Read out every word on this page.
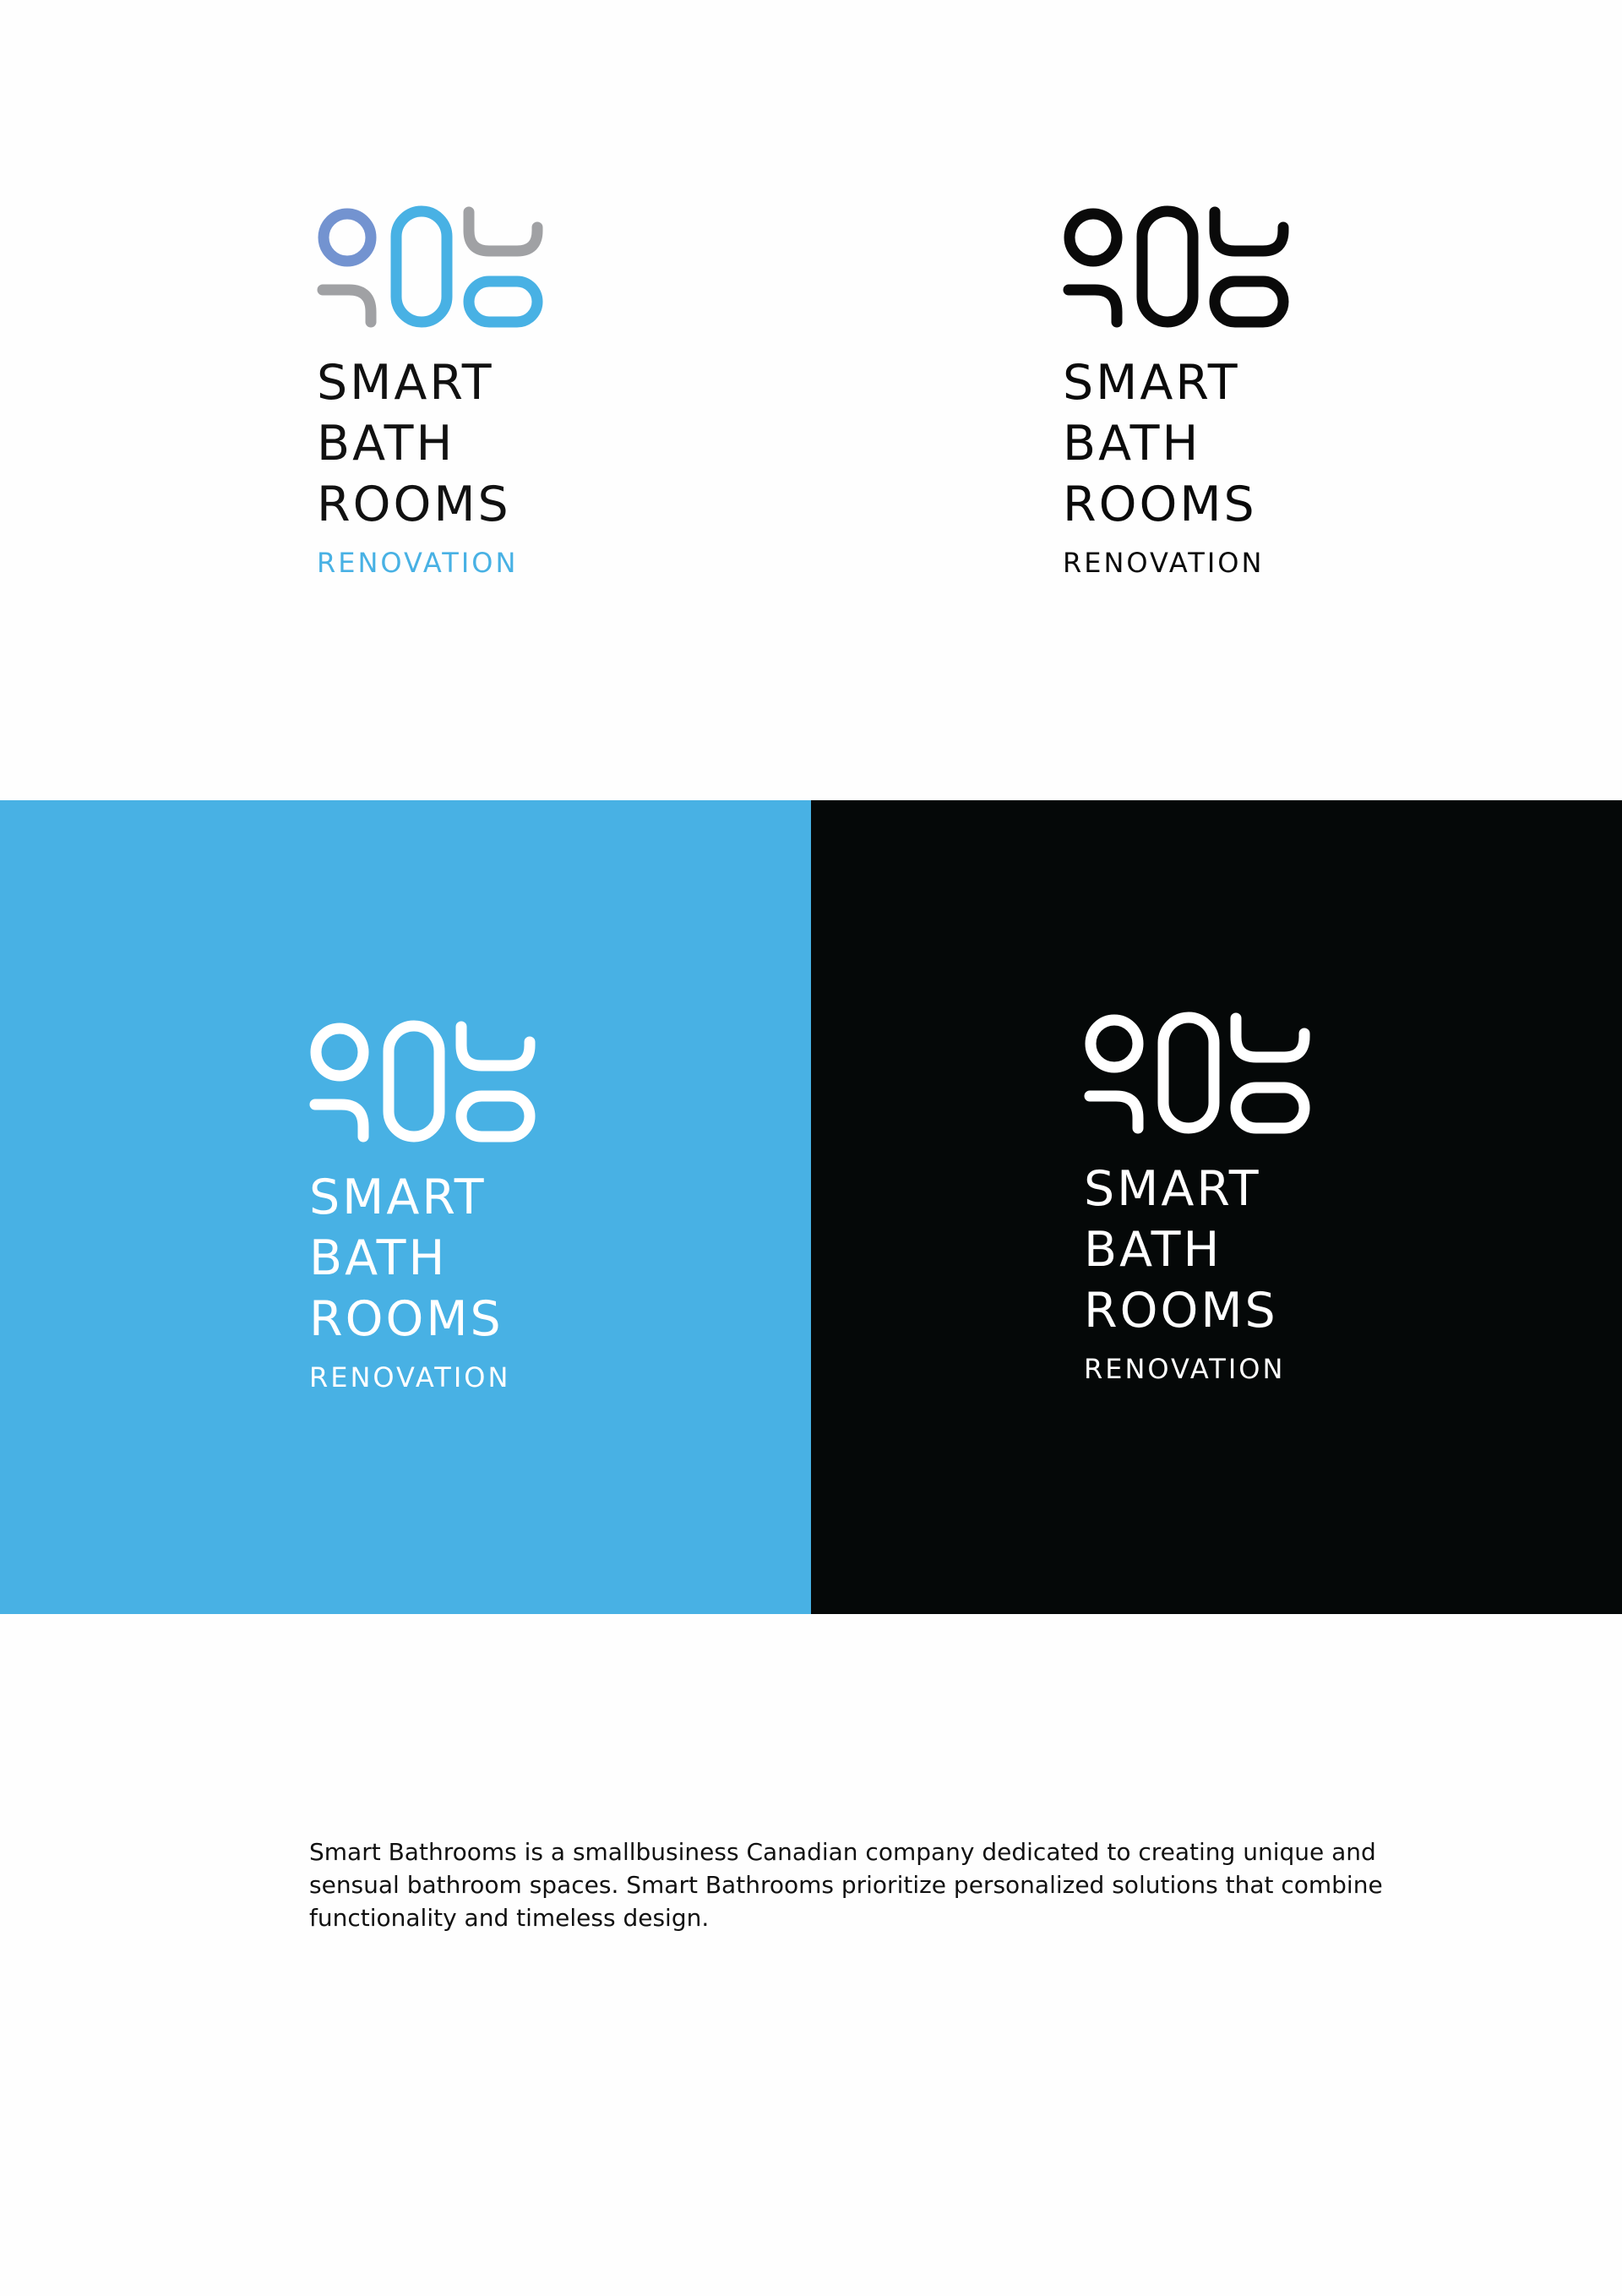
SMART
BATH
ROOMS
RENOVATION
SMART
BATH
ROOMS
RENOVATION
SMART
BATH
ROOMS
RENOVATION
SMART
BATH
ROOMS
RENOVATION

Smart Bathrooms is a smallbusiness Canadian company dedicated to creating unique and sensual bathroom spaces. Smart Bathrooms prioritize personalized solutions that combine functionality and timeless design.
